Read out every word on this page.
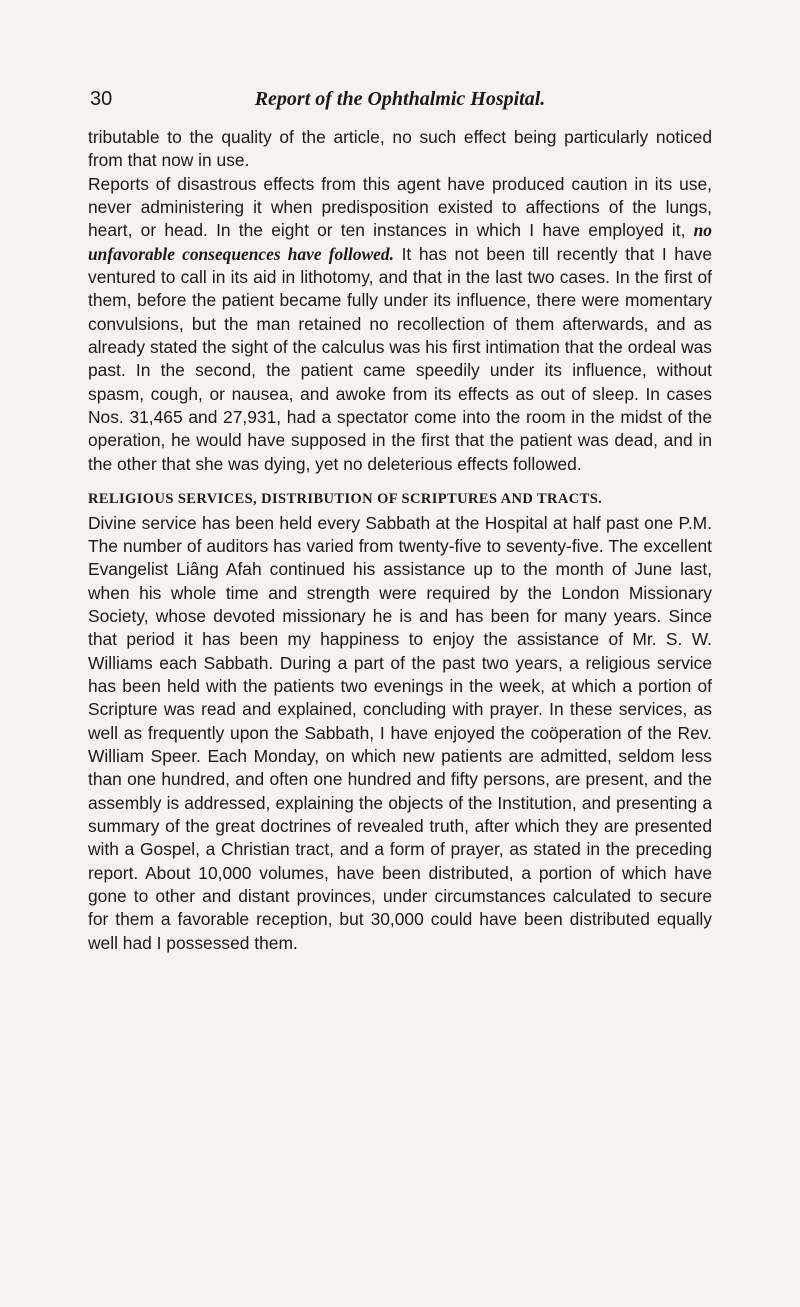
30	Report of the Ophthalmic Hospital.

tributable to the quality of the article, no such effect being particularly noticed from that now in use.

Reports of disastrous effects from this agent have produced caution in its use, never administering it when predisposition existed to affections of the lungs, heart, or head. In the eight or ten instances in which I have employed it, no unfavorable consequences have followed. It has not been till recently that I have ventured to call in its aid in lithotomy, and that in the last two cases. In the first of them, before the patient became fully under its influence, there were momentary convulsions, but the man retained no recollection of them afterwards, and as already stated the sight of the calculus was his first intimation that the ordeal was past. In the second, the patient came speedily under its influence, without spasm, cough, or nausea, and awoke from its effects as out of sleep. In cases Nos. 31,465 and 27,931, had a spectator come into the room in the midst of the operation, he would have supposed in the first that the patient was dead, and in the other that she was dying, yet no deleterious effects followed.

RELIGIOUS SERVICES, DISTRIBUTION OF SCRIPTURES AND TRACTS.

Divine service has been held every Sabbath at the Hospital at half past one P.M. The number of auditors has varied from twenty-five to seventy-five. The excellent Evangelist Liâng Afah continued his assistance up to the month of June last, when his whole time and strength were required by the London Missionary Society, whose devoted missionary he is and has been for many years. Since that period it has been my happiness to enjoy the assistance of Mr. S. W. Williams each Sabbath. During a part of the past two years, a religious service has been held with the patients two evenings in the week, at which a portion of Scripture was read and explained, concluding with prayer. In these services, as well as frequently upon the Sabbath, I have enjoyed the coöperation of the Rev. William Speer. Each Monday, on which new patients are admitted, seldom less than one hundred, and often one hundred and fifty persons, are present, and the assembly is addressed, explaining the objects of the Institution, and presenting a summary of the great doctrines of revealed truth, after which they are presented with a Gospel, a Christian tract, and a form of prayer, as stated in the preceding report. About 10,000 volumes, have been distributed, a portion of which have gone to other and distant provinces, under circumstances calculated to secure for them a favorable reception, but 30,000 could have been distributed equally well had I possessed them.
